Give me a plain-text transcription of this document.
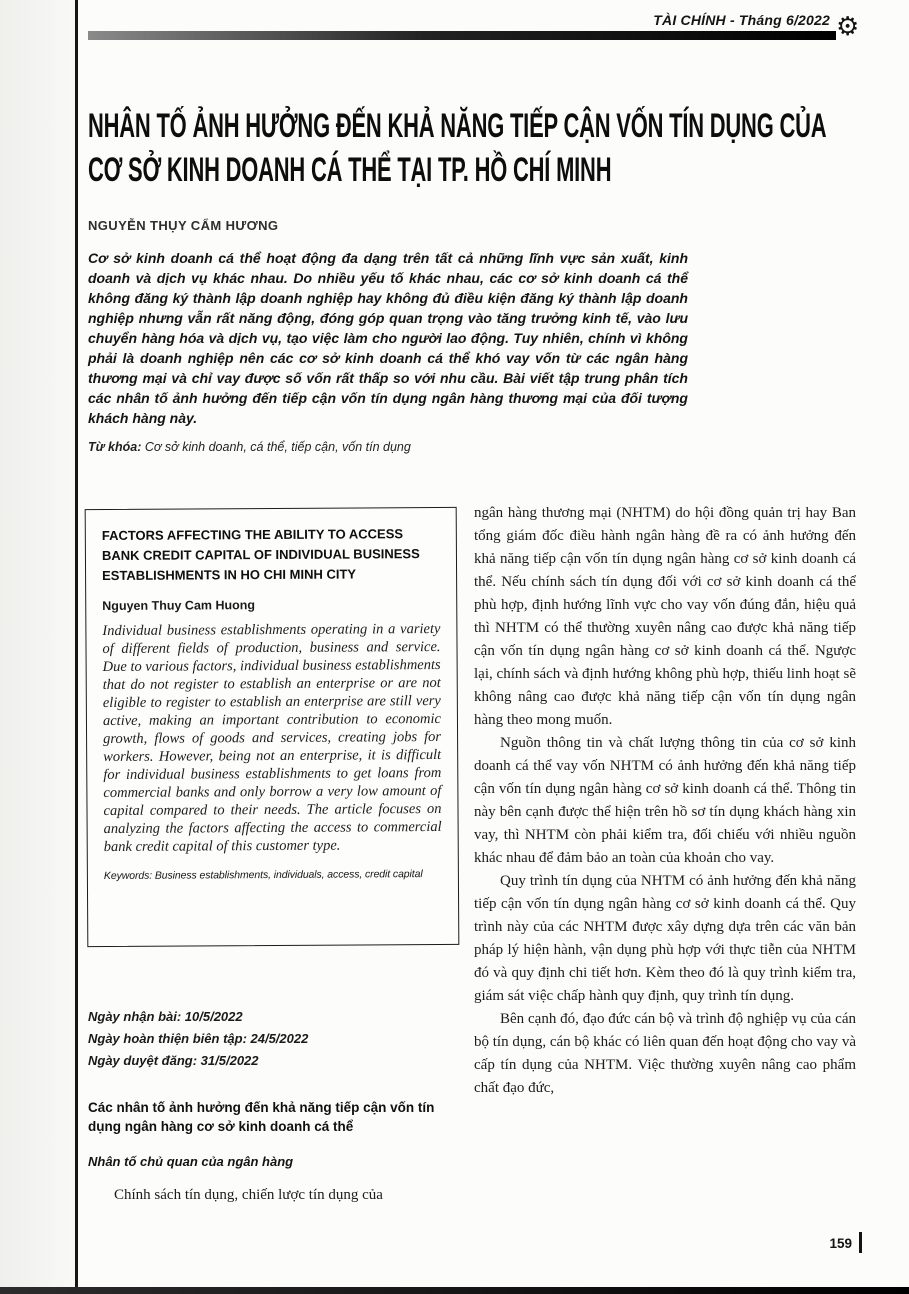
TÀI CHÍNH - Tháng 6/2022 ⚙
NHÂN TỐ ẢNH HƯỞNG ĐẾN KHẢ NĂNG TIẾP CẬN VỐN TÍN DỤNG CỦA CƠ SỞ KINH DOANH CÁ THỂ TẠI TP. HỒ CHÍ MINH
NGUYỄN THỤY CẨM HƯƠNG
Cơ sở kinh doanh cá thể hoạt động đa dạng trên tất cả những lĩnh vực sản xuất, kinh doanh và dịch vụ khác nhau. Do nhiều yếu tố khác nhau, các cơ sở kinh doanh cá thể không đăng ký thành lập doanh nghiệp hay không đủ điều kiện đăng ký thành lập doanh nghiệp nhưng vẫn rất năng động, đóng góp quan trọng vào tăng trưởng kinh tế, vào lưu chuyển hàng hóa và dịch vụ, tạo việc làm cho người lao động. Tuy nhiên, chính vì không phải là doanh nghiệp nên các cơ sở kinh doanh cá thể khó vay vốn từ các ngân hàng thương mại và chỉ vay được số vốn rất thấp so với nhu cầu. Bài viết tập trung phân tích các nhân tố ảnh hưởng đến tiếp cận vốn tín dụng ngân hàng thương mại của đối tượng khách hàng này.
Từ khóa: Cơ sở kinh doanh, cá thể, tiếp cận, vốn tín dụng
FACTORS AFFECTING THE ABILITY TO ACCESS BANK CREDIT CAPITAL OF INDIVIDUAL BUSINESS ESTABLISHMENTS IN HO CHI MINH CITY
Nguyen Thuy Cam Huong
Individual business establishments operating in a variety of different fields of production, business and service. Due to various factors, individual business establishments that do not register to establish an enterprise or are not eligible to register to establish an enterprise are still very active, making an important contribution to economic growth, flows of goods and services, creating jobs for workers. However, being not an enterprise, it is difficult for individual business establishments to get loans from commercial banks and only borrow a very low amount of capital compared to their needs. The article focuses on analyzing the factors affecting the access to commercial bank credit capital of this customer type.
Keywords: Business establishments, individuals, access, credit capital
Ngày nhận bài: 10/5/2022
Ngày hoàn thiện biên tập: 24/5/2022
Ngày duyệt đăng: 31/5/2022
Các nhân tố ảnh hưởng đến khả năng tiếp cận vốn tín dụng ngân hàng cơ sở kinh doanh cá thể
Nhân tố chủ quan của ngân hàng

Chính sách tín dụng, chiến lược tín dụng của

ngân hàng thương mại (NHTM) do hội đồng quản trị hay Ban tổng giám đốc điều hành ngân hàng đề ra có ảnh hưởng đến khả năng tiếp cận vốn tín dụng ngân hàng cơ sở kinh doanh cá thể. Nếu chính sách tín dụng đối với cơ sở kinh doanh cá thể phù hợp, định hướng lĩnh vực cho vay vốn đúng đắn, hiệu quả thì NHTM có thể thường xuyên nâng cao được khả năng tiếp cận vốn tín dụng ngân hàng cơ sở kinh doanh cá thể. Ngược lại, chính sách và định hướng không phù hợp, thiếu linh hoạt sẽ không nâng cao được khả năng tiếp cận vốn tín dụng ngân hàng theo mong muốn.

Nguồn thông tin và chất lượng thông tin của cơ sở kinh doanh cá thể vay vốn NHTM có ảnh hưởng đến khả năng tiếp cận vốn tín dụng ngân hàng cơ sở kinh doanh cá thể. Thông tin này bên cạnh được thể hiện trên hồ sơ tín dụng khách hàng xin vay, thì NHTM còn phải kiểm tra, đối chiếu với nhiều nguồn khác nhau để đảm bảo an toàn của khoản cho vay.

Quy trình tín dụng của NHTM có ảnh hưởng đến khả năng tiếp cận vốn tín dụng ngân hàng cơ sở kinh doanh cá thể. Quy trình này của các NHTM được xây dựng dựa trên các văn bản pháp lý hiện hành, vận dụng phù hợp với thực tiễn của NHTM đó và quy định chi tiết hơn. Kèm theo đó là quy trình kiểm tra, giám sát việc chấp hành quy định, quy trình tín dụng.

Bên cạnh đó, đạo đức cán bộ và trình độ nghiệp vụ của cán bộ tín dụng, cán bộ khác có liên quan đến hoạt động cho vay và cấp tín dụng của NHTM. Việc thường xuyên nâng cao phẩm chất đạo đức,

159
